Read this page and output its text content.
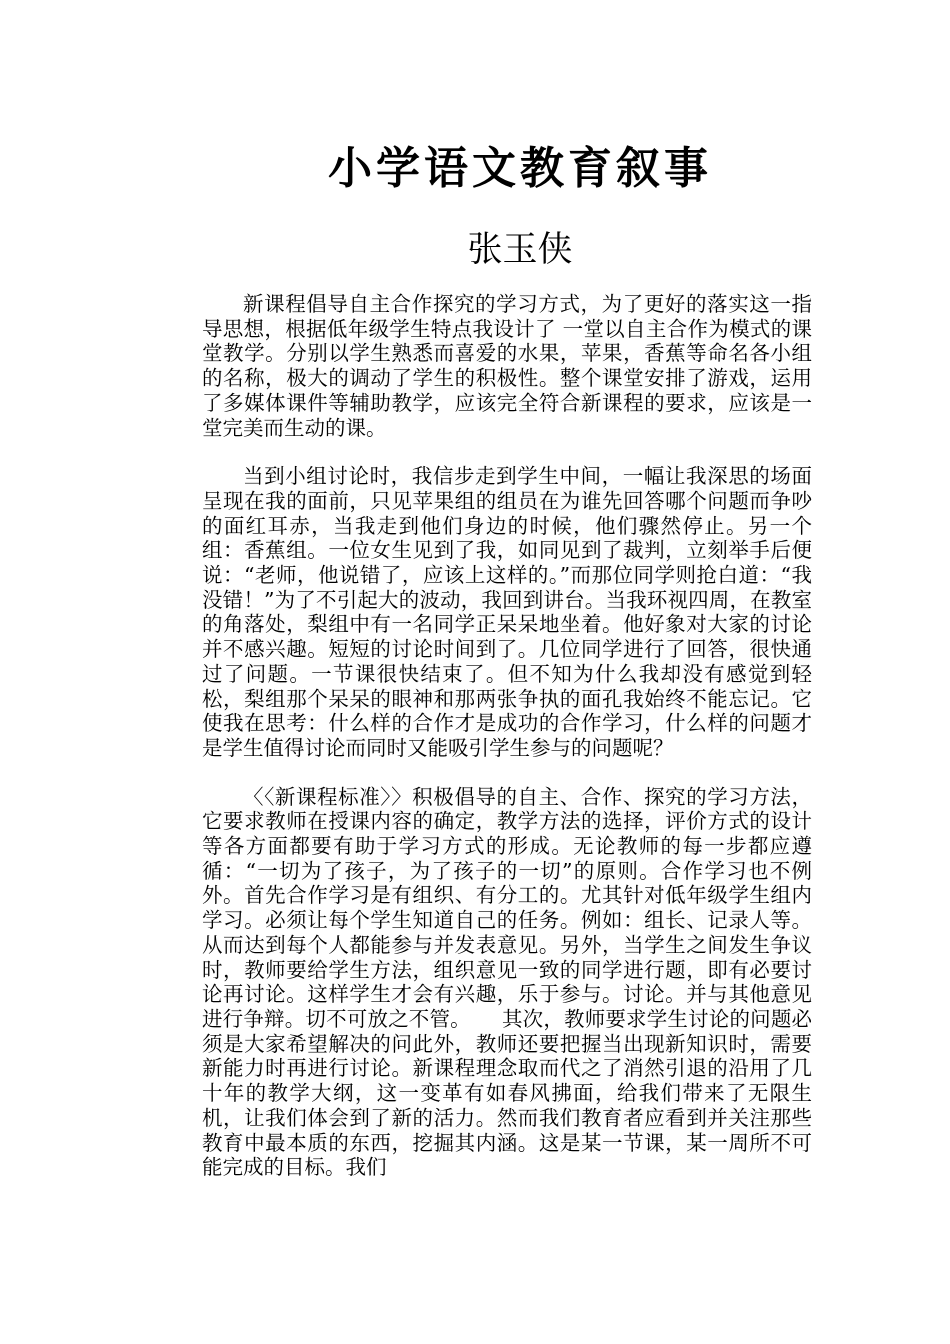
小学语文教育叙事
张玉侠

新课程倡导自主合作探究的学习方式，为了更好的落实这一指导思想，根据低年级学生特点我设计了 一堂以自主合作为模式的课堂教学。分别以学生熟悉而喜爱的水果，苹果，香蕉等命名各小组的名称，极大的调动了学生的积极性。整个课堂安排了游戏，运用了多媒体课件等辅助教学，应该完全符合新课程的要求，应该是一堂完美而生动的课。

当到小组讨论时，我信步走到学生中间，一幅让我深思的场面呈现在我的面前，只见苹果组的组员在为谁先回答哪个问题而争吵的面红耳赤，当我走到他们身边的时候，他们骤然停止。另一个组：香蕉组。一位女生见到了我，如同见到了裁判，立刻举手后便说：“老师，他说错了，应该上这样的。”而那位同学则抢白道：“我没错！”为了不引起大的波动，我回到讲台。当我环视四周，在教室的角落处，梨组中有一名同学正呆呆地坐着。他好象对大家的讨论并不感兴趣。短短的讨论时间到了。几位同学进行了回答，很快通过了问题。一节课很快结束了。但不知为什么我却没有感觉到轻松，梨组那个呆呆的眼神和那两张争执的面孔我始终不能忘记。它使我在思考：什么样的合作才是成功的合作学习，什么样的问题才是学生值得讨论而同时又能吸引学生参与的问题呢？

〈〈新课程标准〉〉积极倡导的自主、合作、探究的学习方法，它要求教师在授课内容的确定，教学方法的选择，评价方式的设计等各方面都要有助于学习方式的形成。无论教师的每一步都应遵循：“一切为了孩子，为了孩子的一切”的原则。合作学习也不例外。首先合作学习是有组织、有分工的。尤其针对低年级学生组内学习。必须让每个学生知道自己的任务。例如：组长、记录人等。从而达到每个人都能参与并发表意见。另外，当学生之间发生争议时，教师要给学生方法，组织意见一致的同学进行题，即有必要讨论再讨论。这样学生才会有兴趣，乐于参与。讨论。并与其他意见进行争辩。切不可放之不管。　　其次，教师要求学生讨论的问题必须是大家希望解决的问此外，教师还要把握当出现新知识时，需要新能力时再进行讨论。新课程理念取而代之了消然引退的沿用了几十年的教学大纲，这一变革有如春风拂面，给我们带来了无限生机，让我们体会到了新的活力。然而我们教育者应看到并关注那些教育中最本质的东西，挖掘其内涵。这是某一节课，某一周所不可能完成的目标。我们
